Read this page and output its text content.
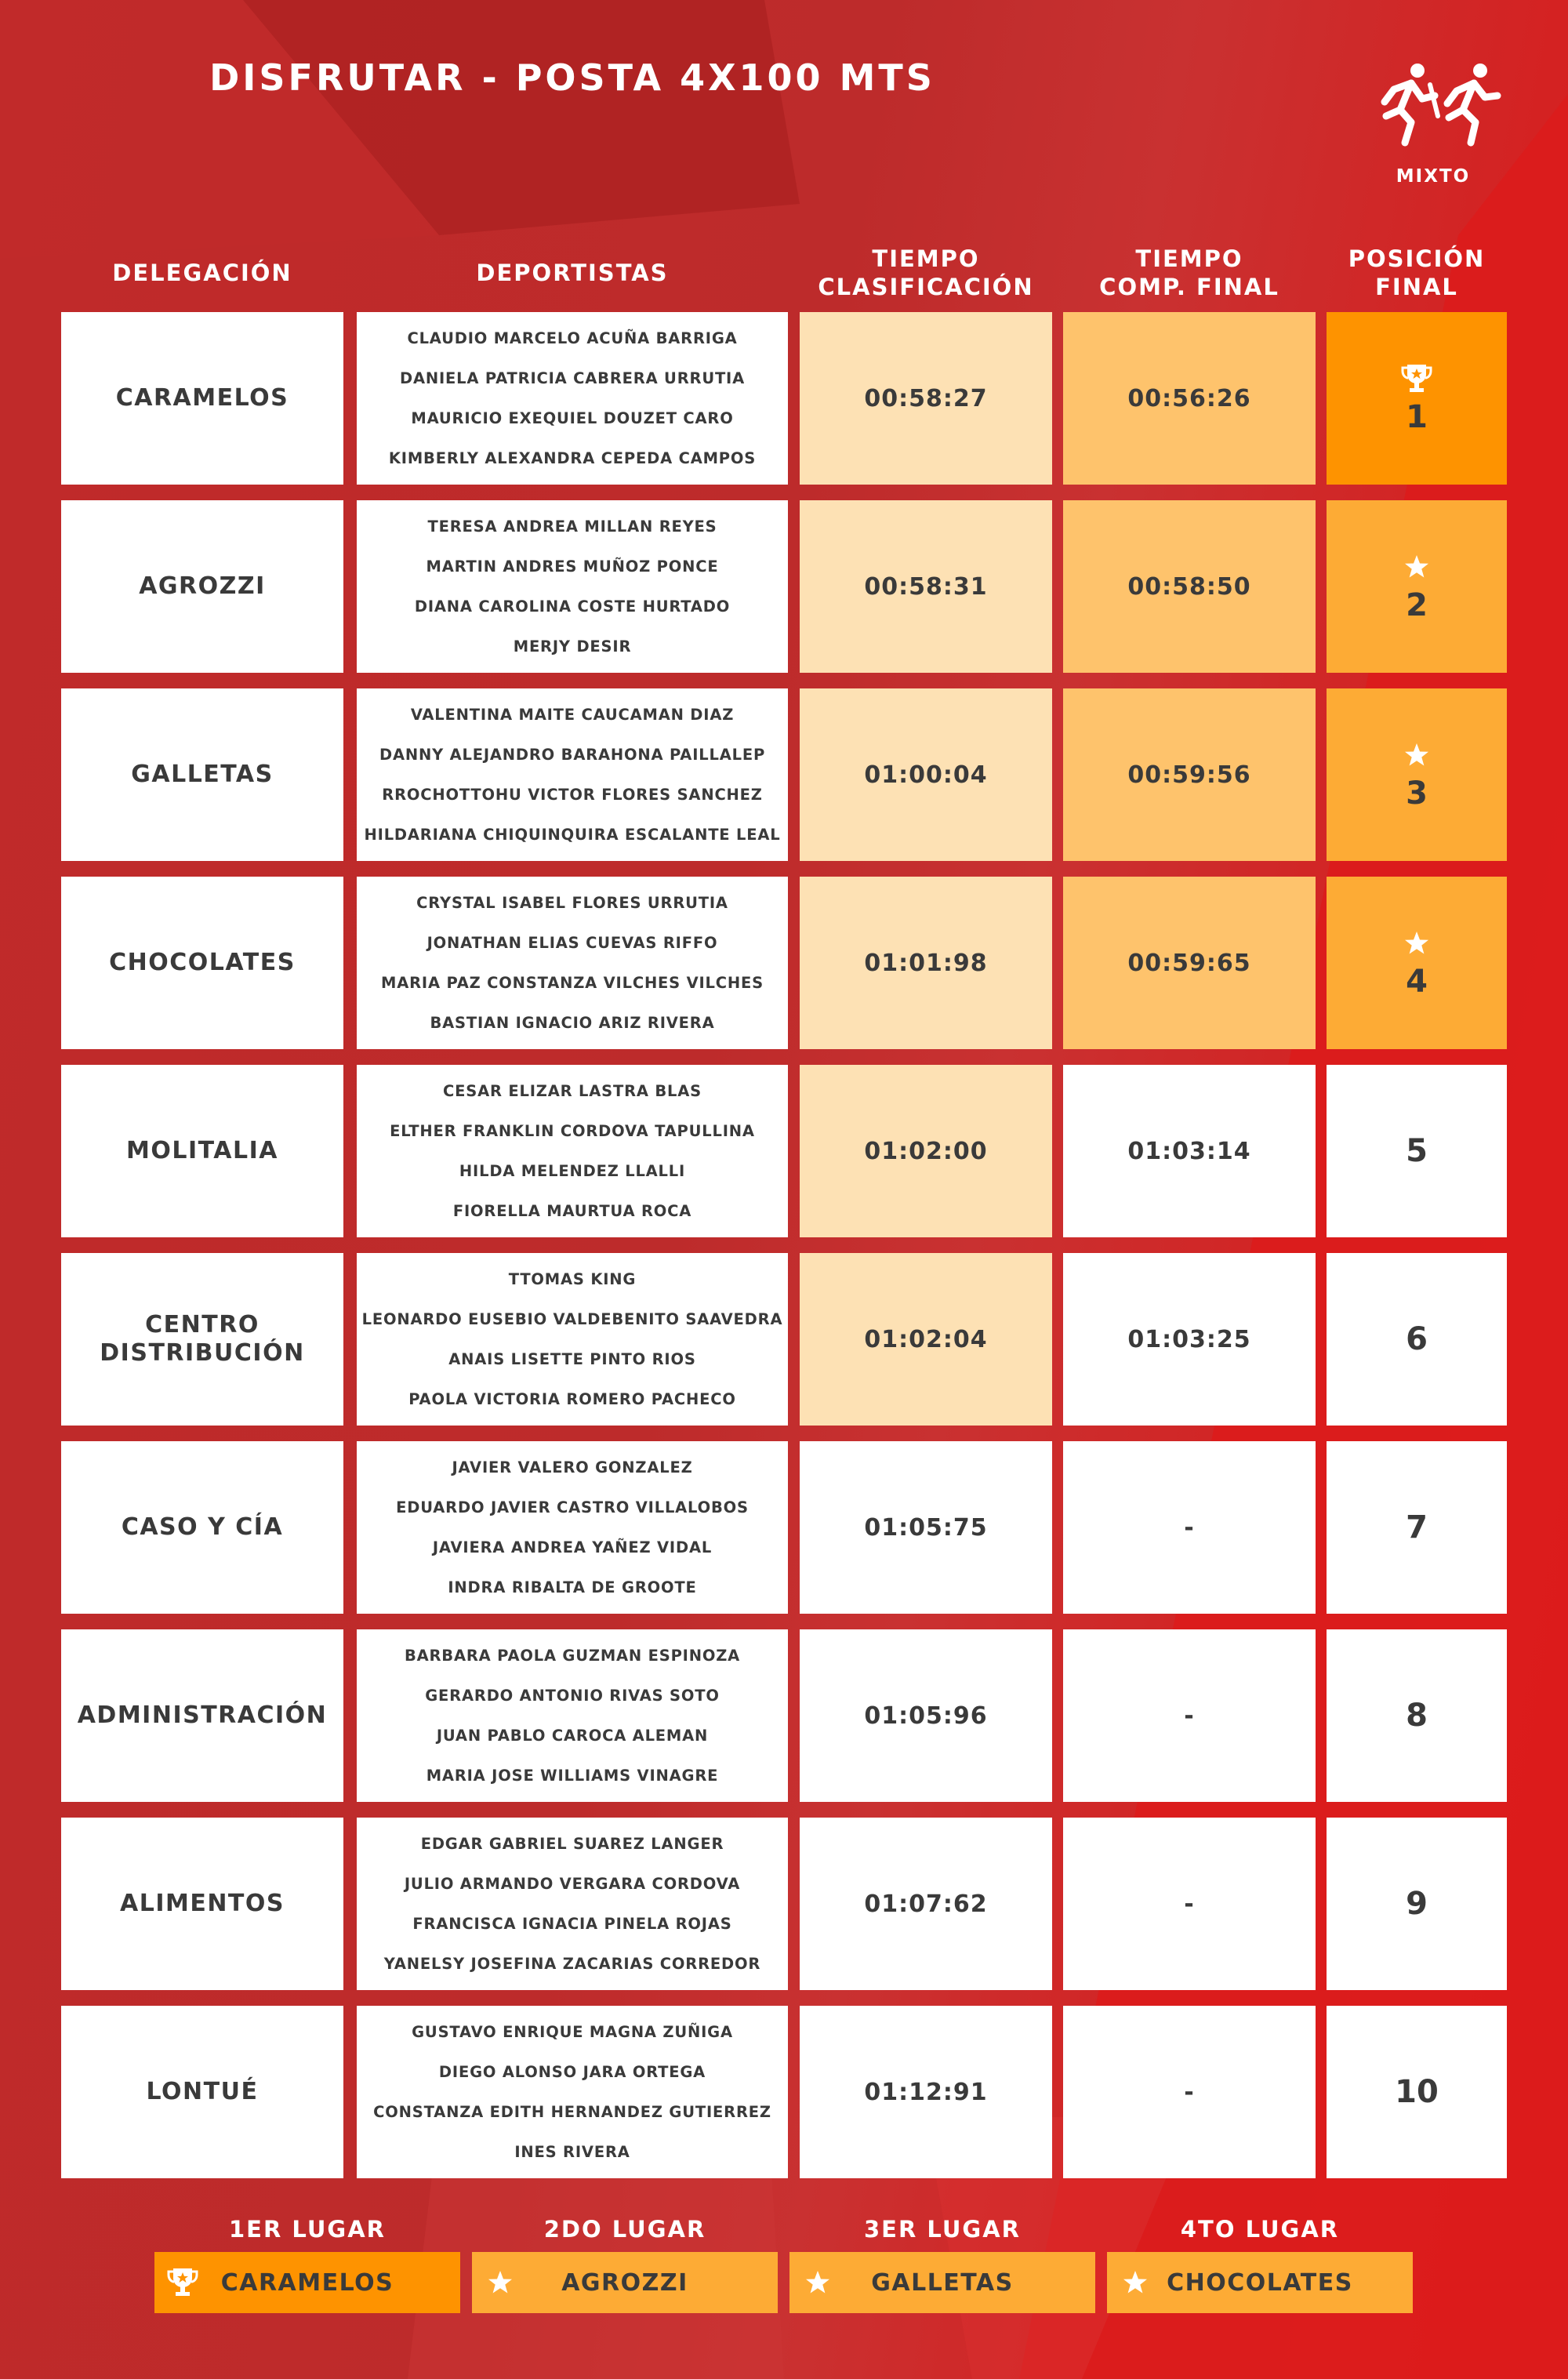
DISFRUTAR - POSTA 4X100 MTS
MIXTO
DELEGACIÓN	DEPORTISTAS
TIEMPO
CLASIFICACIÓN
TIEMPO
COMP. FINAL
POSICIÓN
FINAL
CARAMELOS
CLAUDIO MARCELO ACUÑA BARRIGA
DANIELA PATRICIA CABRERA URRUTIA
MAURICIO EXEQUIEL DOUZET CARO
KIMBERLY ALEXANDRA CEPEDA CAMPOS
00:58:27	00:56:26
1
AGROZZI
TERESA ANDREA MILLAN REYES
MARTIN ANDRES MUÑOZ PONCE
DIANA CAROLINA COSTE HURTADO
MERJY DESIR
00:58:31	00:58:50
2
GALLETAS
VALENTINA MAITE CAUCAMAN DIAZ
DANNY ALEJANDRO BARAHONA PAILLALEP
RROCHOTTOHU VICTOR FLORES SANCHEZ
HILDARIANA CHIQUINQUIRA ESCALANTE LEAL
01:00:04	00:59:56
3
CHOCOLATES
CRYSTAL ISABEL FLORES URRUTIA
JONATHAN ELIAS CUEVAS RIFFO
MARIA PAZ CONSTANZA VILCHES VILCHES
BASTIAN IGNACIO ARIZ RIVERA
01:01:98	00:59:65
4
MOLITALIA
CESAR ELIZAR LASTRA BLAS
ELTHER FRANKLIN CORDOVA TAPULLINA
HILDA MELENDEZ LLALLI
FIORELLA MAURTUA ROCA
01:02:00	01:03:14	5
CENTRO DISTRIBUCIÓN
TTOMAS KING
LEONARDO EUSEBIO VALDEBENITO SAAVEDRA
ANAIS LISETTE PINTO RIOS
PAOLA VICTORIA ROMERO PACHECO
01:02:04	01:03:25	6
CASO Y CÍA
JAVIER VALERO GONZALEZ
EDUARDO JAVIER CASTRO VILLALOBOS
JAVIERA ANDREA YAÑEZ VIDAL
INDRA RIBALTA DE GROOTE
01:05:75	-	7
ADMINISTRACIÓN
BARBARA PAOLA GUZMAN ESPINOZA
GERARDO ANTONIO RIVAS SOTO
JUAN PABLO CAROCA ALEMAN
MARIA JOSE WILLIAMS VINAGRE
01:05:96	-	8
ALIMENTOS
EDGAR GABRIEL SUAREZ LANGER
JULIO ARMANDO VERGARA CORDOVA
FRANCISCA IGNACIA PINELA ROJAS
YANELSY JOSEFINA ZACARIAS CORREDOR
01:07:62	-	9
LONTUÉ
GUSTAVO ENRIQUE MAGNA ZUÑIGA
DIEGO ALONSO JARA ORTEGA
CONSTANZA EDITH HERNANDEZ GUTIERREZ
INES RIVERA
01:12:91	-	10
1ER LUGAR
CARAMELOS
2DO LUGAR
AGROZZI
3ER LUGAR
GALLETAS
4TO LUGAR
CHOCOLATES
